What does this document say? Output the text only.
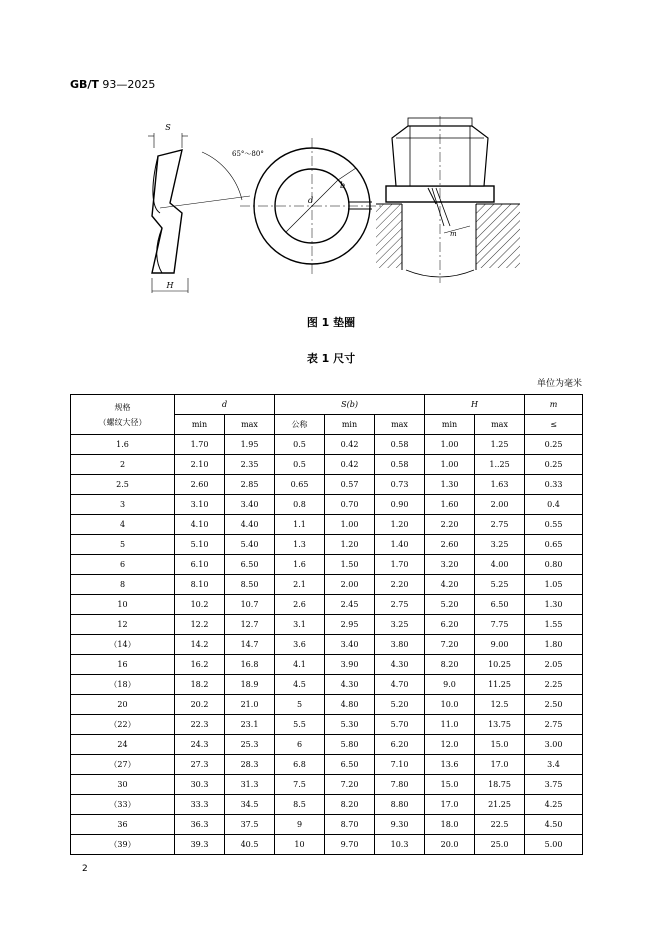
GB/T 93—2025
S
65°～80°
H
d
b
m
图 1 垫圈
表 1 尺寸
单位为毫米
规格
（螺纹大径）	d		S(b)			H		m
	min	max	公称	min	max	min	max	≤
1.6	1.70	1.95	0.5	0.42	0.58	1.00	1.25	0.25
2	2.10	2.35	0.5	0.42	0.58	1.00	1..25	0.25
2.5	2.60	2.85	0.65	0.57	0.73	1.30	1.63	0.33
3	3.10	3.40	0.8	0.70	0.90	1.60	2.00	0.4
4	4.10	4.40	1.1	1.00	1.20	2.20	2.75	0.55
5	5.10	5.40	1.3	1.20	1.40	2.60	3.25	0.65
6	6.10	6.50	1.6	1.50	1.70	3.20	4.00	0.80
8	8.10	8.50	2.1	2.00	2.20	4.20	5.25	1.05
10	10.2	10.7	2.6	2.45	2.75	5.20	6.50	1.30
12	12.2	12.7	3.1	2.95	3.25	6.20	7.75	1.55
（14）	14.2	14.7	3.6	3.40	3.80	7.20	9.00	1.80
16	16.2	16.8	4.1	3.90	4.30	8.20	10.25	2.05
（18）	18.2	18.9	4.5	4.30	4.70	9.0	11.25	2.25
20	20.2	21.0	5	4.80	5.20	10.0	12.5	2.50
（22）	22.3	23.1	5.5	5.30	5.70	11.0	13.75	2.75
24	24.3	25.3	6	5.80	6.20	12.0	15.0	3.00
（27）	27.3	28.3	6.8	6.50	7.10	13.6	17.0	3.4
30	30.3	31.3	7.5	7.20	7.80	15.0	18.75	3.75
（33）	33.3	34.5	8.5	8.20	8.80	17.0	21.25	4.25
36	36.3	37.5	9	8.70	9.30	18.0	22.5	4.50
（39）	39.3	40.5	10	9.70	10.3	20.0	25.0	5.00
2
